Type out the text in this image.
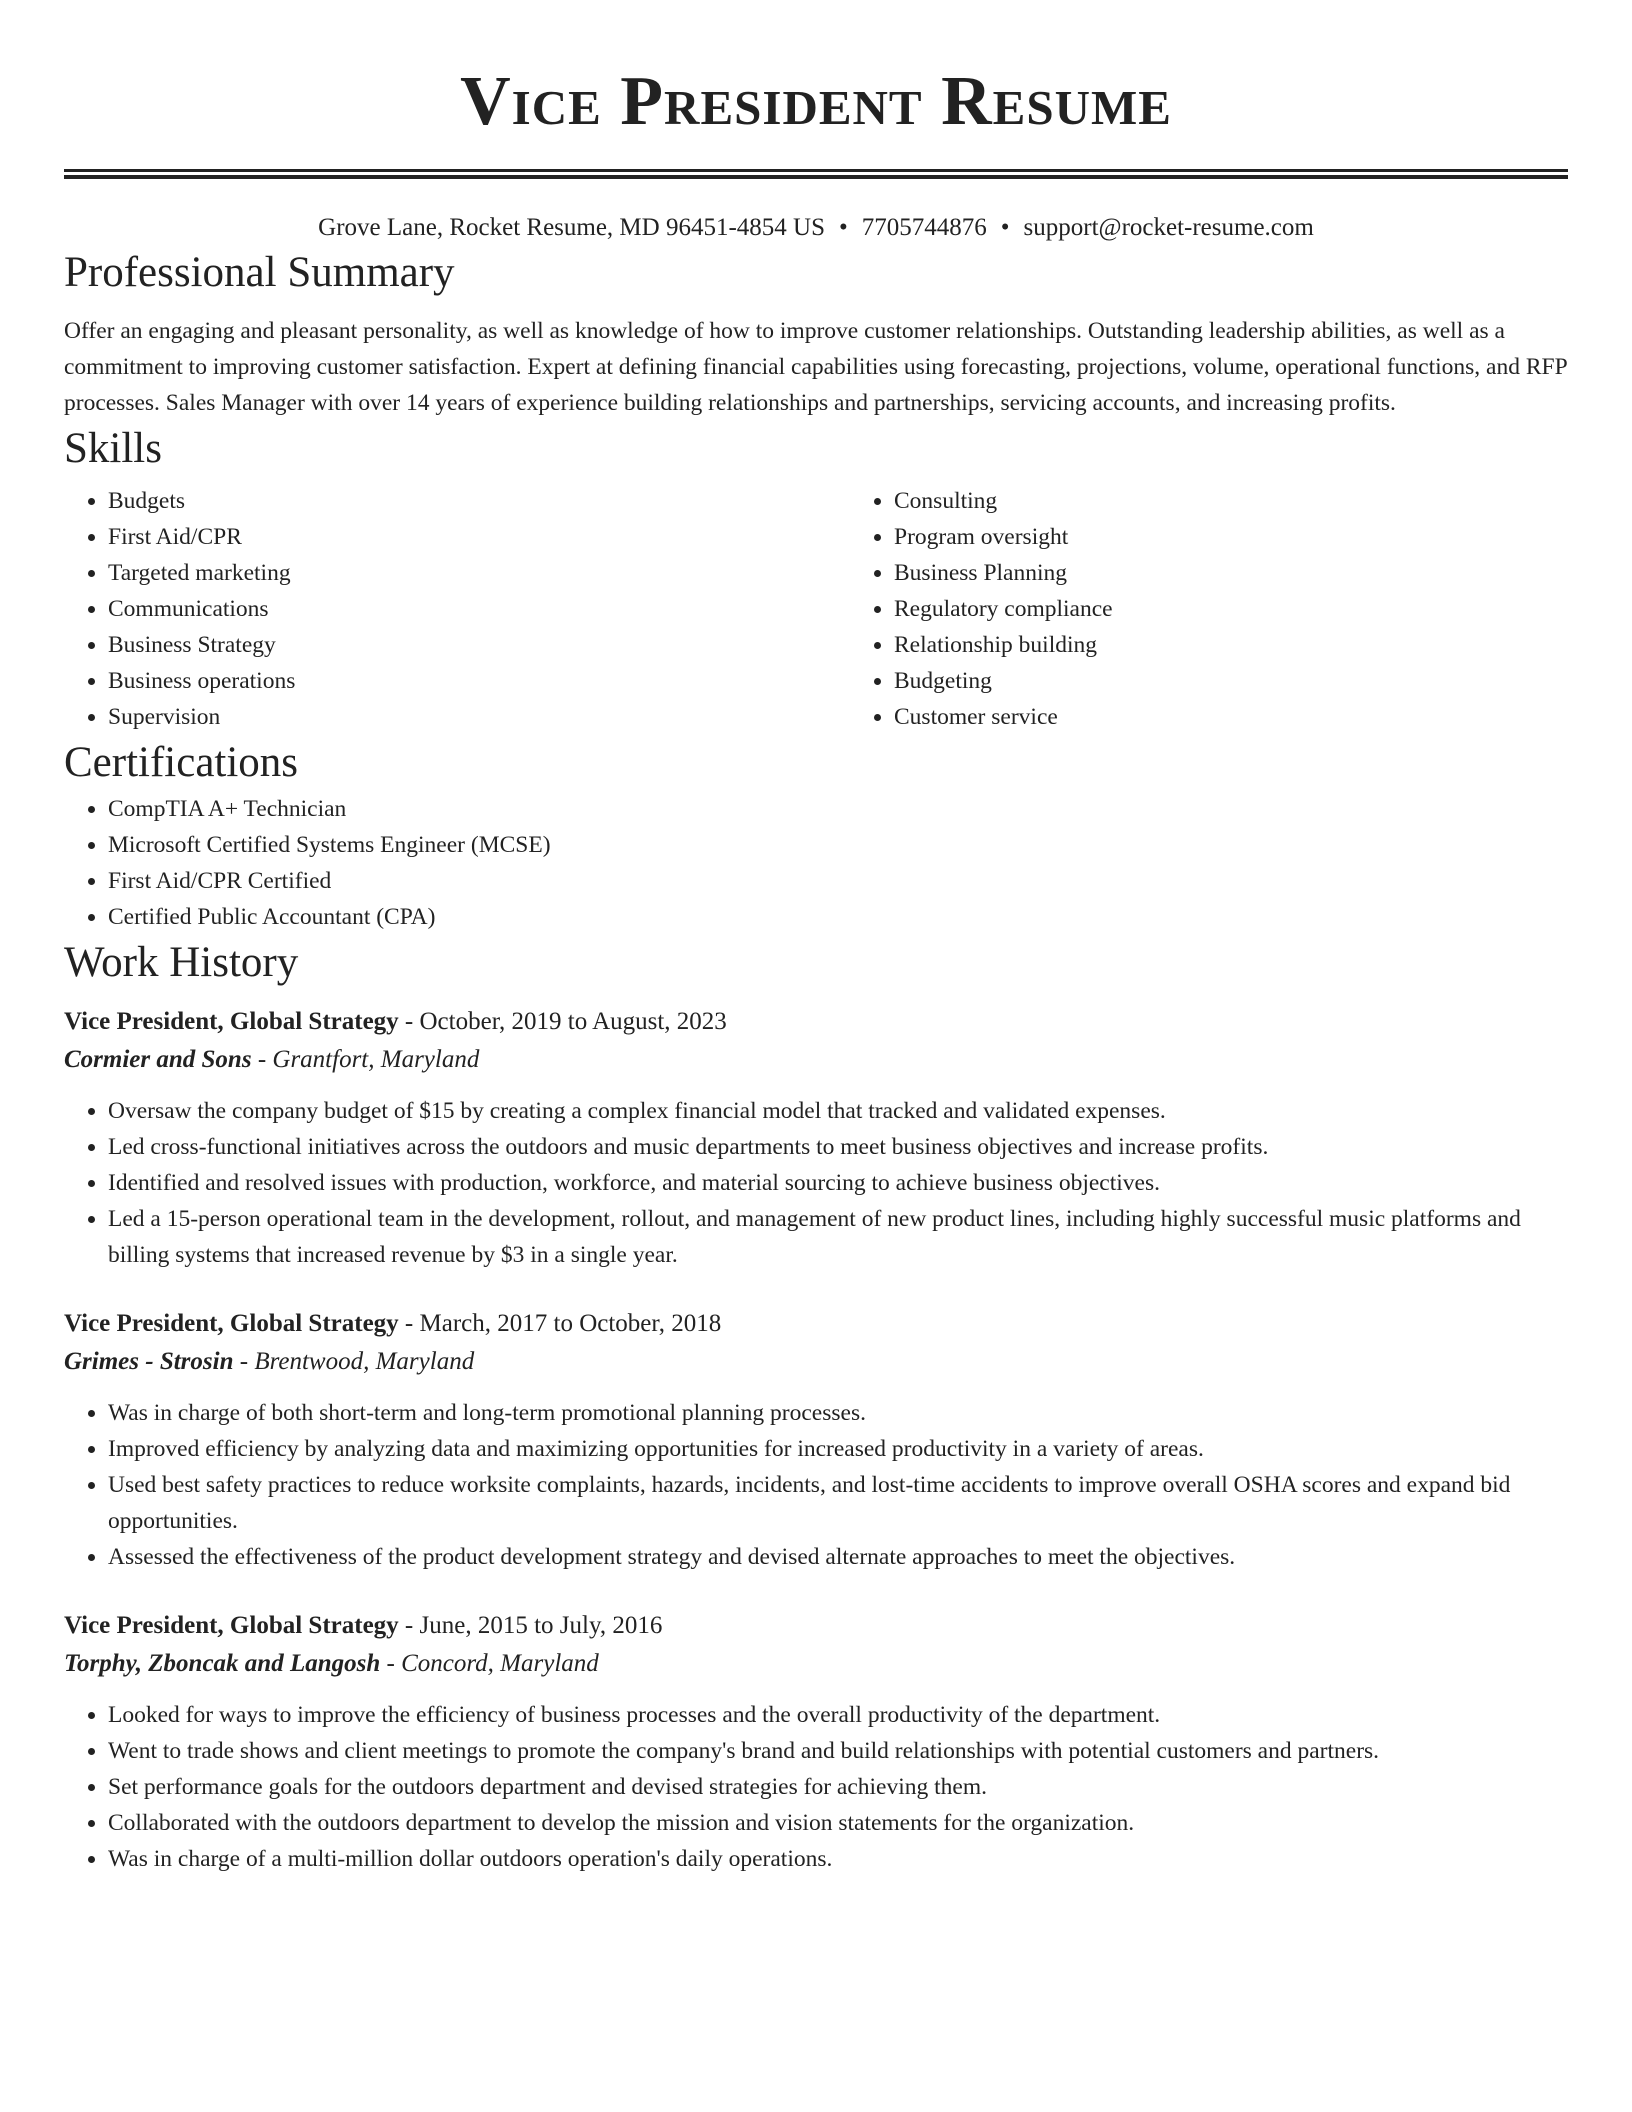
Vice President Resume
Grove Lane, Rocket Resume, MD 96451-4854 US • 7705744876 • support@rocket-resume.com
Professional Summary

Offer an engaging and pleasant personality, as well as knowledge of how to improve customer relationships. Outstanding leadership abilities, as well as a commitment to improving customer satisfaction. Expert at defining financial capabilities using forecasting, projections, volume, operational functions, and RFP processes. Sales Manager with over 14 years of experience building relationships and partnerships, servicing accounts, and increasing profits.

Skills
• Budgets
• First Aid/CPR
• Targeted marketing
• Communications
• Business Strategy
• Business operations
• Supervision
• Consulting
• Program oversight
• Business Planning
• Regulatory compliance
• Relationship building
• Budgeting
• Customer service
Certifications
• CompTIA A+ Technician
• Microsoft Certified Systems Engineer (MCSE)
• First Aid/CPR Certified
• Certified Public Accountant (CPA)
Work History
Vice President, Global Strategy - October, 2019 to August, 2023
Cormier and Sons - Grantfort, Maryland
• Oversaw the company budget of $15 by creating a complex financial model that tracked and validated expenses.
• Led cross-functional initiatives across the outdoors and music departments to meet business objectives and increase profits.
• Identified and resolved issues with production, workforce, and material sourcing to achieve business objectives.
• Led a 15-person operational team in the development, rollout, and management of new product lines, including highly successful music platforms and billing systems that increased revenue by $3 in a single year.
Vice President, Global Strategy - March, 2017 to October, 2018
Grimes - Strosin - Brentwood, Maryland
• Was in charge of both short-term and long-term promotional planning processes.
• Improved efficiency by analyzing data and maximizing opportunities for increased productivity in a variety of areas.
• Used best safety practices to reduce worksite complaints, hazards, incidents, and lost-time accidents to improve overall OSHA scores and expand bid opportunities.
• Assessed the effectiveness of the product development strategy and devised alternate approaches to meet the objectives.
Vice President, Global Strategy - June, 2015 to July, 2016
Torphy, Zboncak and Langosh - Concord, Maryland
• Looked for ways to improve the efficiency of business processes and the overall productivity of the department.
• Went to trade shows and client meetings to promote the company's brand and build relationships with potential customers and partners.
• Set performance goals for the outdoors department and devised strategies for achieving them.
• Collaborated with the outdoors department to develop the mission and vision statements for the organization.
• Was in charge of a multi-million dollar outdoors operation's daily operations.
